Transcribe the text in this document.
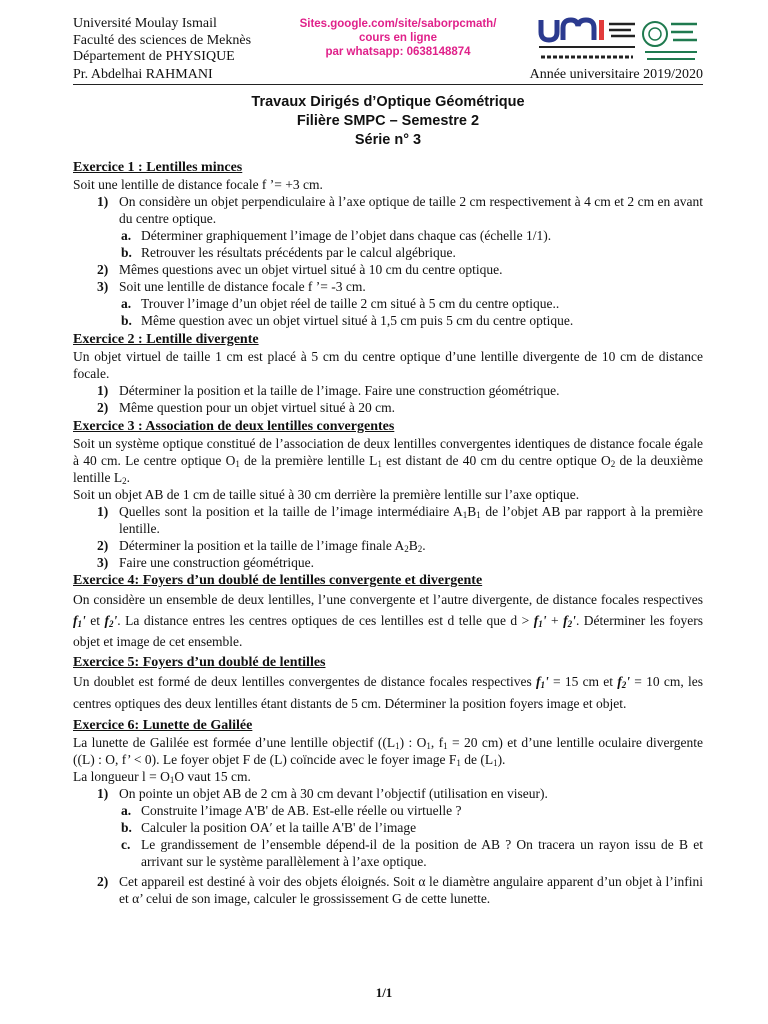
Université Moulay Ismail
Faculté des sciences de Meknès
Département de PHYSIQUE
Sites.google.com/site/saborpcmath/
cours en ligne
par whatsapp: 0638148874
Pr. Abdelhai RAHMANI	Année universitaire 2019/2020
Travaux Dirigés d’Optique Géométrique
Filière SMPC – Semestre 2
Série n° 3
Exercice 1 : Lentilles minces
Soit une lentille de distance focale f ’= +3 cm.
1) On considère un objet perpendiculaire à l’axe optique de taille 2 cm respectivement à 4 cm et 2 cm en avant du centre optique.
a. Déterminer graphiquement l’image de l’objet dans chaque cas (échelle 1/1).
b. Retrouver les résultats précédents par le calcul algébrique.
2) Mêmes questions avec un objet virtuel situé à 10 cm du centre optique.
3) Soit une lentille de distance focale f ’= -3 cm.
a. Trouver l’image d’un objet réel de taille 2 cm situé à 5 cm du centre optique..
b. Même question avec un objet virtuel situé à 1,5 cm puis 5 cm du centre optique.
Exercice 2 : Lentille divergente
Un objet virtuel de taille 1 cm est placé à 5 cm du centre optique d’une lentille divergente de 10 cm de distance focale.
1) Déterminer la position et la taille de l’image. Faire une construction géométrique.
2) Même question pour un objet virtuel situé à 20 cm.
Exercice 3 : Association de deux lentilles convergentes
Soit un système optique constitué de l’association de deux lentilles convergentes identiques de distance focale égale à 40 cm. Le centre optique $O_1$ de la première lentille $L_1$ est distant de 40 cm du centre optique $O_2$ de la deuxième lentille $L_2$.
Soit un objet AB de 1 cm de taille situé à 30 cm derrière la première lentille sur l’axe optique.
1) Quelles sont la position et la taille de l’image intermédiaire $A_1B_1$ de l’objet AB par rapport à la première lentille.
2) Déterminer la position et la taille de l’image finale $A_2B_2$.
3) Faire une construction géométrique.
Exercice 4: Foyers d’un doublé de lentilles convergente et divergente
On considère un ensemble de deux lentilles, l’une convergente et l’autre divergente, de distance focales respectives $f_1'$ et $f_2'$. La distance entres les centres optiques de ces lentilles est d telle que $d > f_1' + f_2'$. Déterminer les foyers objet et image de cet ensemble.
Exercice 5: Foyers d’un doublé de lentilles
Un doublet est formé de deux lentilles convergentes de distance focales respectives $f_1' = 15$ cm et $f_2' = 10$ cm, les centres optiques des deux lentilles étant distants de 5 cm. Déterminer la position foyers image et objet.
Exercice 6: Lunette de Galilée
La lunette de Galilée est formée d’une lentille objectif ($(L_1)$ : $O_1$, $f_1 = 20$ cm) et d’une lentille oculaire divergente ((L) : O, f’ < 0). Le foyer objet F de (L) coïncide avec le foyer image $F_1$ de $(L_1)$.
La longueur $l = O_1O$ vaut 15 cm.
1) On pointe un objet AB de 2 cm à 30 cm devant l’objectif (utilisation en viseur).
a. Construite l’image A'B' de AB. Est-elle réelle ou virtuelle ?
b. Calculer la position OA′ et la taille A'B' de l’image
c. Le grandissement de l’ensemble dépend-il de la position de AB ? On tracera un rayon issu de B et arrivant sur le système parallèlement à l’axe optique.
2) Cet appareil est destiné à voir des objets éloignés. Soit α le diamètre angulaire apparent d’un objet à l’infini et α’ celui de son image, calculer le grossissement G de cette lunette.
1/1
